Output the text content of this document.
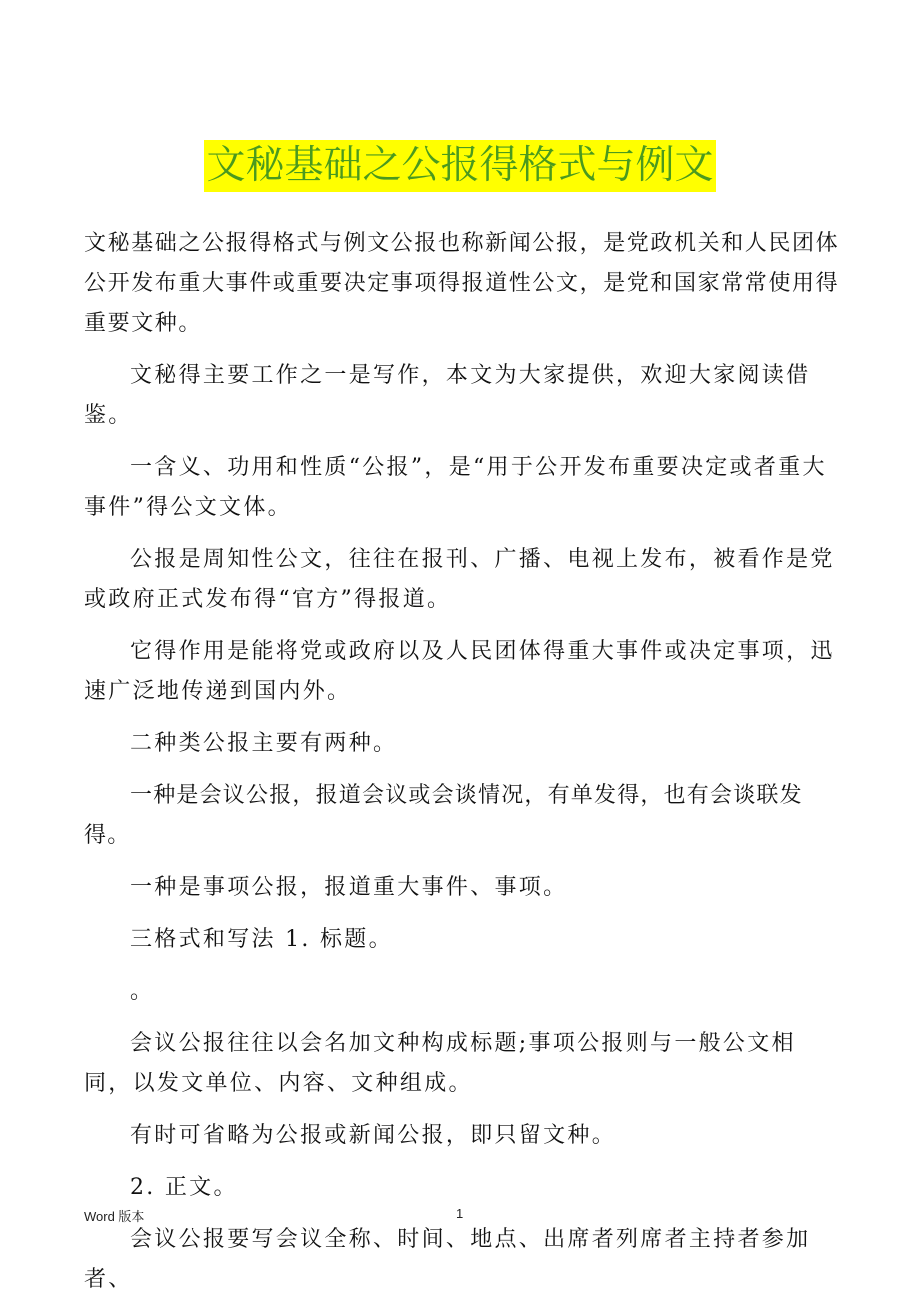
文秘基础之公报得格式与例文

文秘基础之公报得格式与例文公报也称新闻公报，是党政机关和人民团体公开发布重大事件或重要决定事项得报道性公文，是党和国家常常使用得重要文种。

文秘得主要工作之一是写作，本文为大家提供，欢迎大家阅读借鉴。

一含义、功用和性质“公报”，是“用于公开发布重要决定或者重大事件”得公文文体。

公报是周知性公文，往往在报刊、广播、电视上发布，被看作是党或政府正式发布得“官方”得报道。

它得作用是能将党或政府以及人民团体得重大事件或决定事项，迅速广泛地传递到国内外。

二种类公报主要有两种。

一种是会议公报，报道会议或会谈情况，有单发得，也有会谈联发得。

一种是事项公报，报道重大事件、事项。

三格式和写法 1. 标题。

。

会议公报往往以会名加文种构成标题;事项公报则与一般公文相同，以发文单位、内容、文种组成。

有时可省略为公报或新闻公报，即只留文种。

2. 正文。

会议公报要写会议全称、时间、地点、出席者列席者主持者参加者、

Word 版本	1
